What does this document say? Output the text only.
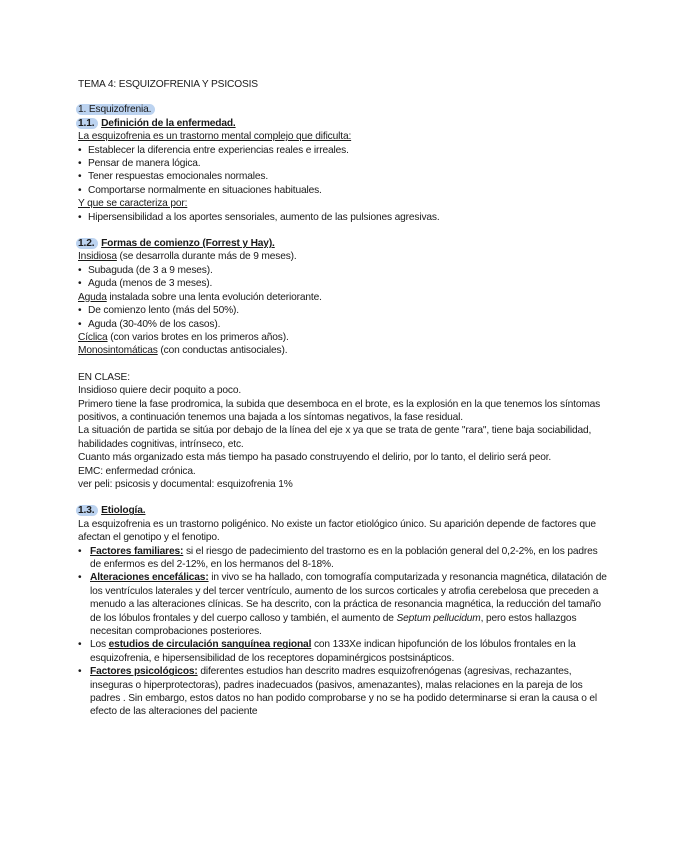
TEMA 4: ESQUIZOFRENIA Y PSICOSIS

1. Esquizofrenia.

1.1. Definición de la enfermedad.

La esquizofrenia es un trastorno mental complejo que dificulta:

• Establecer la diferencia entre experiencias reales e irreales.
• Pensar de manera lógica.
• Tener respuestas emocionales normales.
• Comportarse normalmente en situaciones habituales.

Y que se caracteriza por:

• Hipersensibilidad a los aportes sensoriales, aumento de las pulsiones agresivas.

1.2. Formas de comienzo (Forrest y Hay).

Insidiosa (se desarrolla durante más de 9 meses).

• Subaguda (de 3 a 9 meses).
• Aguda (menos de 3 meses).

Aguda instalada sobre una lenta evolución deteriorante.

• De comienzo lento (más del 50%).
• Aguda (30-40% de los casos).

Cíclica (con varios brotes en los primeros años).

Monosintomáticas (con conductas antisociales).

EN CLASE:

Insidioso quiere decir poquito a poco.

Primero tiene la fase prodromica, la subida que desemboca en el brote, es la explosión en la que tenemos los síntomas positivos, a continuación tenemos una bajada a los síntomas negativos, la fase residual.

La situación de partida se sitúa por debajo de la línea del eje x ya que se trata de gente "rara", tiene baja sociabilidad, habilidades cognitivas, intrínseco, etc.

Cuanto más organizado esta más tiempo ha pasado construyendo el delirio, por lo tanto, el delirio será peor.

EMC: enfermedad crónica.

ver peli: psicosis y documental: esquizofrenia 1%

1.3. Etiología.

La esquizofrenia es un trastorno poligénico. No existe un factor etiológico único. Su aparición depende de factores que afectan el genotipo y el fenotipo.

• Factores familiares: si el riesgo de padecimiento del trastorno es en la población general del 0,2-2%, en los padres de enfermos es del 2-12%, en los hermanos del 8-18%.
• Alteraciones encefálicas: in vivo se ha hallado, con tomografía computarizada y resonancia magnética, dilatación de los ventrículos laterales y del tercer ventrículo, aumento de los surcos corticales y atrofia cerebelosa que preceden a menudo a las alteraciones clínicas. Se ha descrito, con la práctica de resonancia magnética, la reducción del tamaño de los lóbulos frontales y del cuerpo calloso y también, el aumento de Septum pellucidum, pero estos hallazgos necesitan comprobaciones posteriores.
• Los estudios de circulación sanguínea regional con 133Xe indican hipofunción de los lóbulos frontales en la esquizofrenia, e hipersensibilidad de los receptores dopaminérgicos postsinápticos.
• Factores psicológicos: diferentes estudios han descrito madres esquizofrenógenas (agresivas, rechazantes, inseguras o hiperprotectoras), padres inadecuados (pasivos, amenazantes), malas relaciones en la pareja de los padres . Sin embargo, estos datos no han podido comprobarse y no se ha podido determinarse si eran la causa o el efecto de las alteraciones del paciente
